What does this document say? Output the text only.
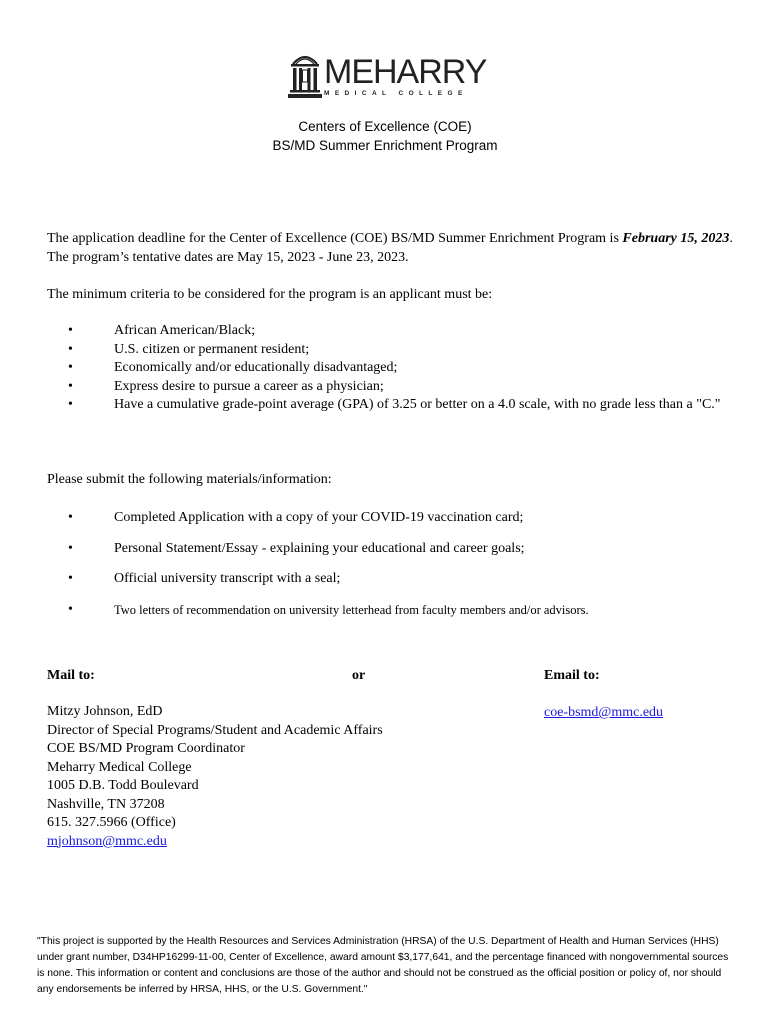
MEHARRY
MEDICAL COLLEGE
Centers of Excellence (COE)
BS/MD Summer Enrichment Program
The application deadline for the Center of Excellence (COE) BS/MD Summer Enrichment Program is February 15, 2023. The program’s tentative dates are May 15, 2023 - June 23, 2023.
The minimum criteria to be considered for the program is an applicant must be:
•	African American/Black;
•	U.S. citizen or permanent resident;
•	Economically and/or educationally disadvantaged;
•	Express desire to pursue a career as a physician;
•	Have a cumulative grade-point average (GPA) of 3.25 or better on a 4.0 scale, with no grade less than a "C."
Please submit the following materials/information:
•	Completed Application with a copy of your COVID-19 vaccination card;
•	Personal Statement/Essay - explaining your educational and career goals;
•	Official university transcript with a seal;
•	Two letters of recommendation on university letterhead from faculty members and/or advisors.
Mail to:	or	Email to:
coe-bsmd@mmc.edu
Mitzy Johnson, EdD
Director of Special Programs/Student and Academic Affairs
COE BS/MD Program Coordinator
Meharry Medical College
1005 D.B. Todd Boulevard
Nashville, TN 37208
615. 327.5966 (Office)
mjohnson@mmc.edu
"This project is supported by the Health Resources and Services Administration (HRSA) of the U.S. Department of Health and Human Services (HHS) under grant number, D34HP16299-11-00, Center of Excellence, award amount $3,177,641, and the percentage financed with nongovernmental sources is none. This information or content and conclusions are those of the author and should not be construed as the official position or policy of, nor should any endorsements be inferred by HRSA, HHS, or the U.S. Government."
